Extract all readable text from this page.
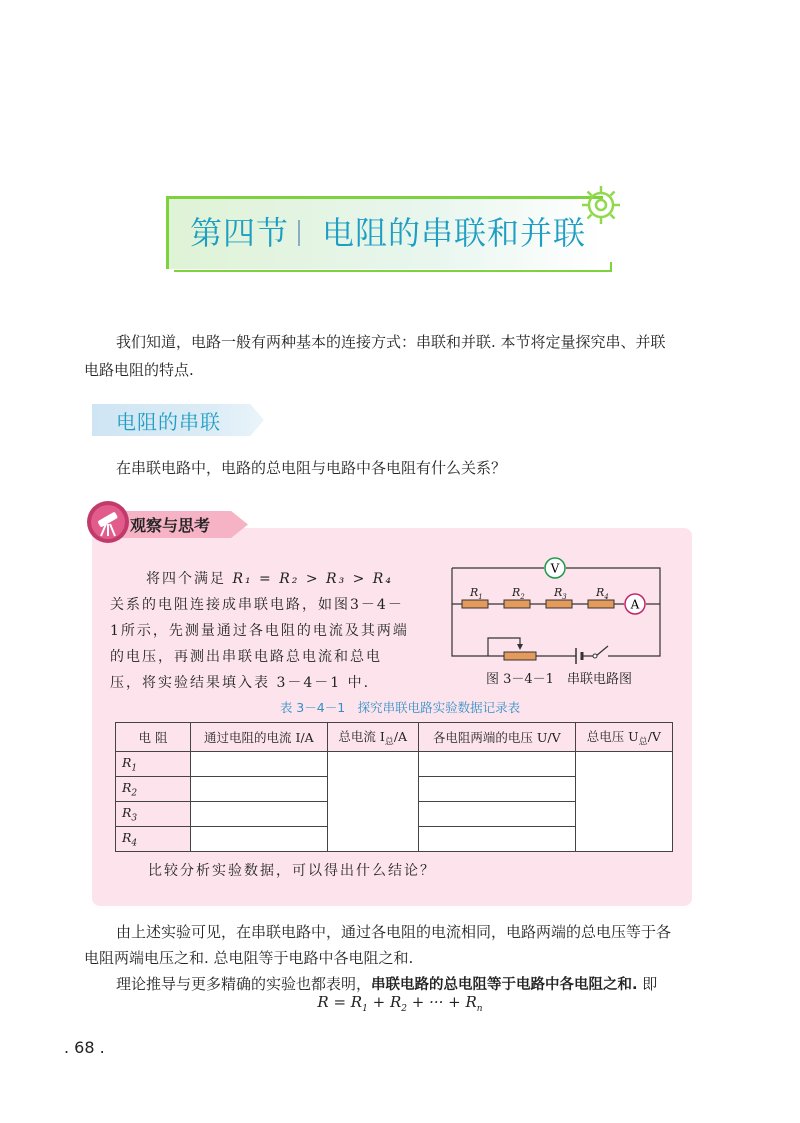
第四节 电阻的串联和并联
我们知道，电路一般有两种基本的连接方式：串联和并联. 本节将定量探究串、并联
电路电阻的特点.
电阻的串联
在串联电路中，电路的总电阻与电路中各电阻有什么关系？
观察与思考
将四个满足 R₁ = R₂ > R₃ > R₄ 关系的电阻连接成串联电路，如图3－4－1所示，先测量通过各电阻的电流及其两端的电压，再测出串联电路总电流和总电压，将实验结果填入表 3－4－1 中.
V
A
$R_1$	$R_2$	$R_3$	$R_4$
图 3－4－1　串联电路图
表 3－4－1　探究串联电路实验数据记录表
电 阻	通过电阻的电流 I/A	总电流 $I_总/A$	各电阻两端的电压 U/V	总电压 $U_总/V$
$R_1$				
$R_2$		
$R_3$		
$R_4$		
比较分析实验数据，可以得出什么结论？
由上述实验可见，在串联电路中，通过各电阻的电流相同，电路两端的总电压等于各
电阻两端电压之和. 总电阻等于电路中各电阻之和.
理论推导与更多精确的实验也都表明，串联电路的总电阻等于电路中各电阻之和. 即
$R = R_1 + R_2$ + ··· + $R_n$
. 68 .
